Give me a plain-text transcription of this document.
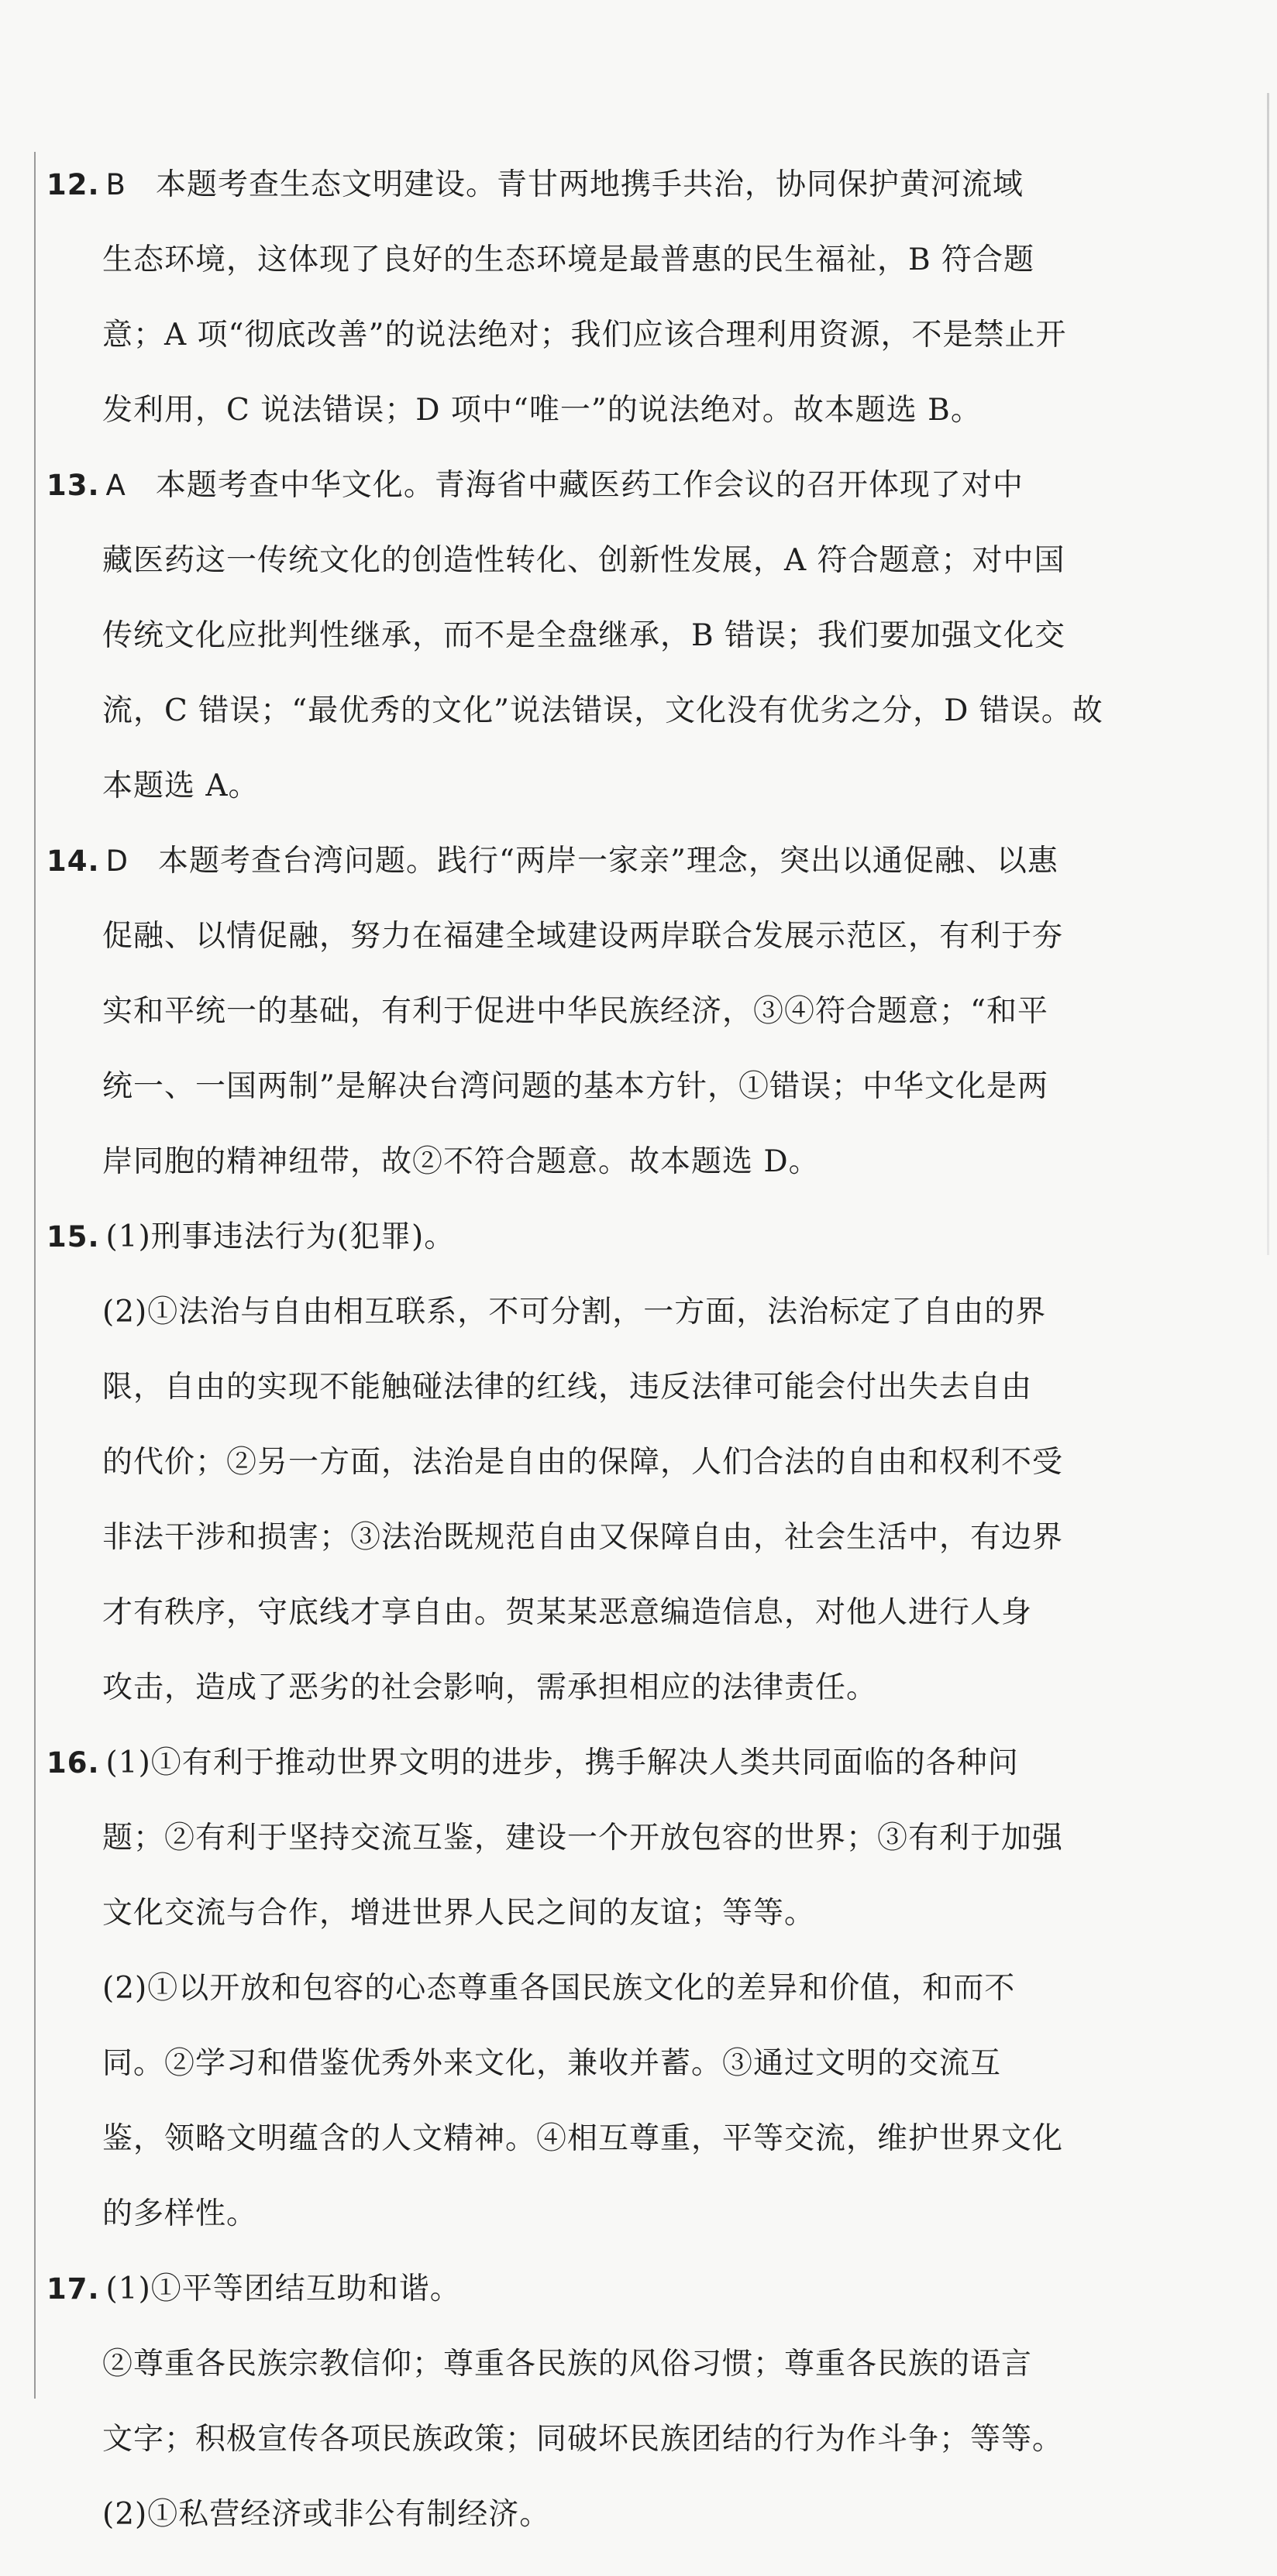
12. B 本题考查生态文明建设。青甘两地携手共治，协同保护黄河流域
生态环境，这体现了良好的生态环境是最普惠的民生福祉，B 符合题
意；A 项“彻底改善”的说法绝对；我们应该合理利用资源，不是禁止开
发利用，C 说法错误；D 项中“唯一”的说法绝对。故本题选 B。
13. A 本题考查中华文化。青海省中藏医药工作会议的召开体现了对中
藏医药这一传统文化的创造性转化、创新性发展，A 符合题意；对中国
传统文化应批判性继承，而不是全盘继承，B 错误；我们要加强文化交
流，C 错误；“最优秀的文化”说法错误，文化没有优劣之分，D 错误。故
本题选 A。
14. D 本题考查台湾问题。践行“两岸一家亲”理念，突出以通促融、以惠
促融、以情促融，努力在福建全域建设两岸联合发展示范区，有利于夯
实和平统一的基础，有利于促进中华民族经济，③④符合题意；“和平
统一、一国两制”是解决台湾问题的基本方针，①错误；中华文化是两
岸同胞的精神纽带，故②不符合题意。故本题选 D。
15. (1)刑事违法行为(犯罪)。
(2)①法治与自由相互联系，不可分割，一方面，法治标定了自由的界
限，自由的实现不能触碰法律的红线，违反法律可能会付出失去自由
的代价；②另一方面，法治是自由的保障，人们合法的自由和权利不受
非法干涉和损害；③法治既规范自由又保障自由，社会生活中，有边界
才有秩序，守底线才享自由。贺某某恶意编造信息，对他人进行人身
攻击，造成了恶劣的社会影响，需承担相应的法律责任。
16. (1)①有利于推动世界文明的进步，携手解决人类共同面临的各种问
题；②有利于坚持交流互鉴，建设一个开放包容的世界；③有利于加强
文化交流与合作，增进世界人民之间的友谊；等等。
(2)①以开放和包容的心态尊重各国民族文化的差异和价值，和而不
同。②学习和借鉴优秀外来文化，兼收并蓄。③通过文明的交流互
鉴，领略文明蕴含的人文精神。④相互尊重，平等交流，维护世界文化
的多样性。
17. (1)①平等团结互助和谐。
②尊重各民族宗教信仰；尊重各民族的风俗习惯；尊重各民族的语言
文字；积极宣传各项民族政策；同破坏民族团结的行为作斗争；等等。
(2)①私营经济或非公有制经济。
